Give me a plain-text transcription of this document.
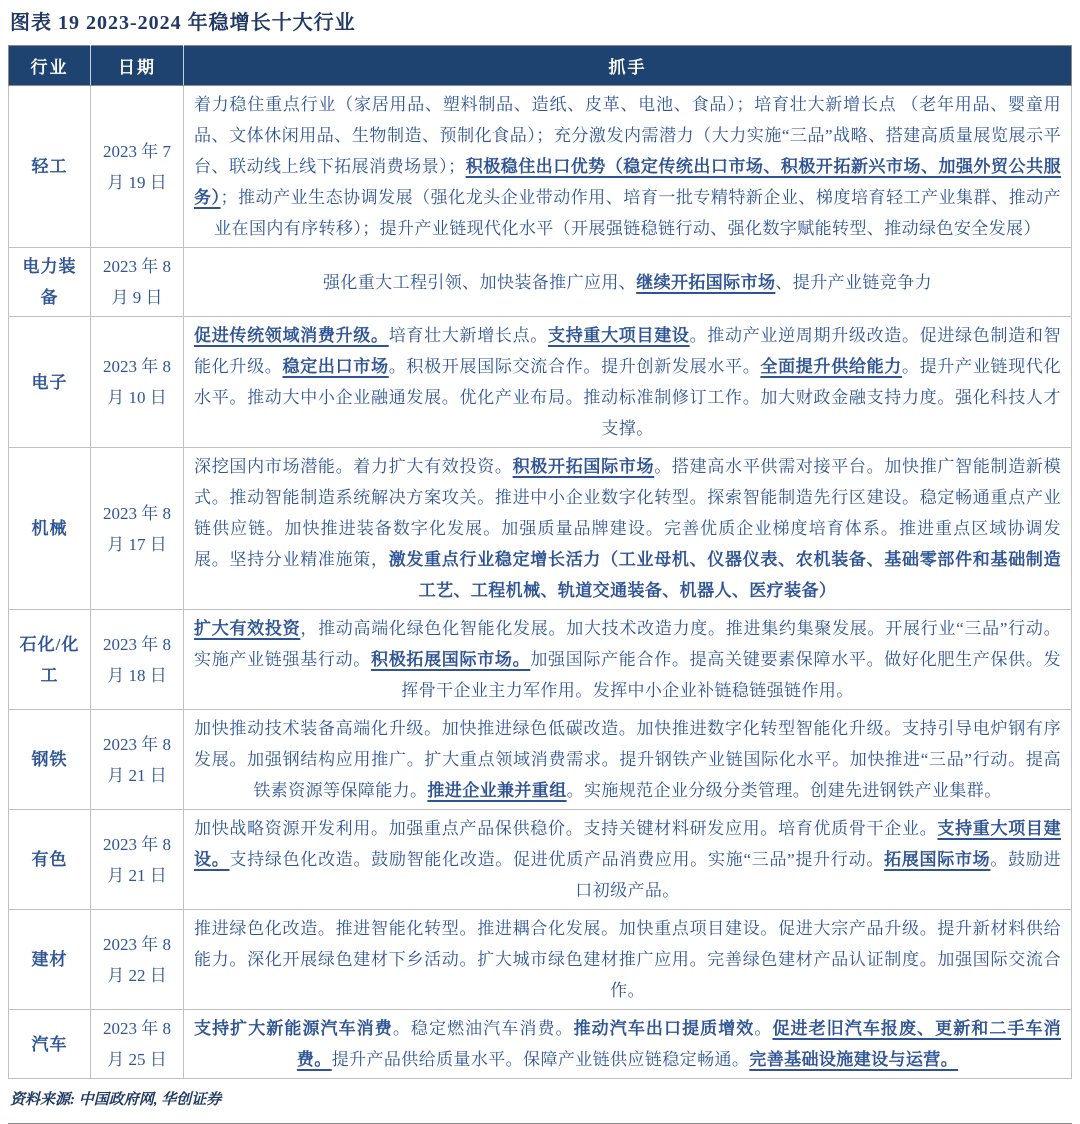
图表 19 2023-2024 年稳增长十大行业
行业	日期	抓手
轻工	2023 年 7 月 19 日	着力稳住重点行业（家居用品、塑料制品、造纸、皮革、电池、食品）；培育壮大新增长点 （老年用品、婴童用品、文体休闲用品、生物制造、预制化食品）；充分激发内需潜力（大力实施“三品”战略、搭建高质量展览展示平台、联动线上线下拓展消费场景）；积极稳住出口优势（稳定传统出口市场、积极开拓新兴市场、加强外贸公共服务）；推动产业生态协调发展（强化龙头企业带动作用、培育一批专精特新企业、梯度培育轻工产业集群、推动产业在国内有序转移）；提升产业链现代化水平（开展强链稳链行动、强化数字赋能转型、推动绿色安全发展）
电力装备	2023 年 8 月 9 日	强化重大工程引领、加快装备推广应用、继续开拓国际市场、提升产业链竞争力
电子	2023 年 8 月 10 日	促进传统领域消费升级。培育壮大新增长点。支持重大项目建设。推动产业逆周期升级改造。促进绿色制造和智能化升级。稳定出口市场。积极开展国际交流合作。提升创新发展水平。全面提升供给能力。提升产业链现代化水平。推动大中小企业融通发展。优化产业布局。推动标准制修订工作。加大财政金融支持力度。强化科技人才支撑。
机械	2023 年 8 月 17 日	深挖国内市场潜能。着力扩大有效投资。积极开拓国际市场。搭建高水平供需对接平台。加快推广智能制造新模式。推动智能制造系统解决方案攻关。推进中小企业数字化转型。探索智能制造先行区建设。稳定畅通重点产业链供应链。加快推进装备数字化发展。加强质量品牌建设。完善优质企业梯度培育体系。推进重点区域协调发展。坚持分业精准施策，激发重点行业稳定增长活力（工业母机、仪器仪表、农机装备、基础零部件和基础制造工艺、工程机械、轨道交通装备、机器人、医疗装备）
石化/化工	2023 年 8 月 18 日	扩大有效投资，推动高端化绿色化智能化发展。加大技术改造力度。推进集约集聚发展。开展行业“三品”行动。实施产业链强基行动。积极拓展国际市场。加强国际产能合作。提高关键要素保障水平。做好化肥生产保供。发挥骨干企业主力军作用。发挥中小企业补链稳链强链作用。
钢铁	2023 年 8 月 21 日	加快推动技术装备高端化升级。加快推进绿色低碳改造。加快推进数字化转型智能化升级。支持引导电炉钢有序发展。加强钢结构应用推广。扩大重点领域消费需求。提升钢铁产业链国际化水平。加快推进“三品”行动。提高铁素资源等保障能力。推进企业兼并重组。实施规范企业分级分类管理。创建先进钢铁产业集群。
有色	2023 年 8 月 21 日	加快战略资源开发利用。加强重点产品保供稳价。支持关键材料研发应用。培育优质骨干企业。支持重大项目建设。支持绿色化改造。鼓励智能化改造。促进优质产品消费应用。实施“三品”提升行动。拓展国际市场。鼓励进口初级产品。
建材	2023 年 8 月 22 日	推进绿色化改造。推进智能化转型。推进耦合化发展。加快重点项目建设。促进大宗产品升级。提升新材料供给能力。深化开展绿色建材下乡活动。扩大城市绿色建材推广应用。完善绿色建材产品认证制度。加强国际交流合作。
汽车	2023 年 8 月 25 日	支持扩大新能源汽车消费。稳定燃油汽车消费。推动汽车出口提质增效。促进老旧汽车报废、更新和二手车消费。提升产品供给质量水平。保障产业链供应链稳定畅通。完善基础设施建设与运营。
资料来源: 中国政府网, 华创证券
